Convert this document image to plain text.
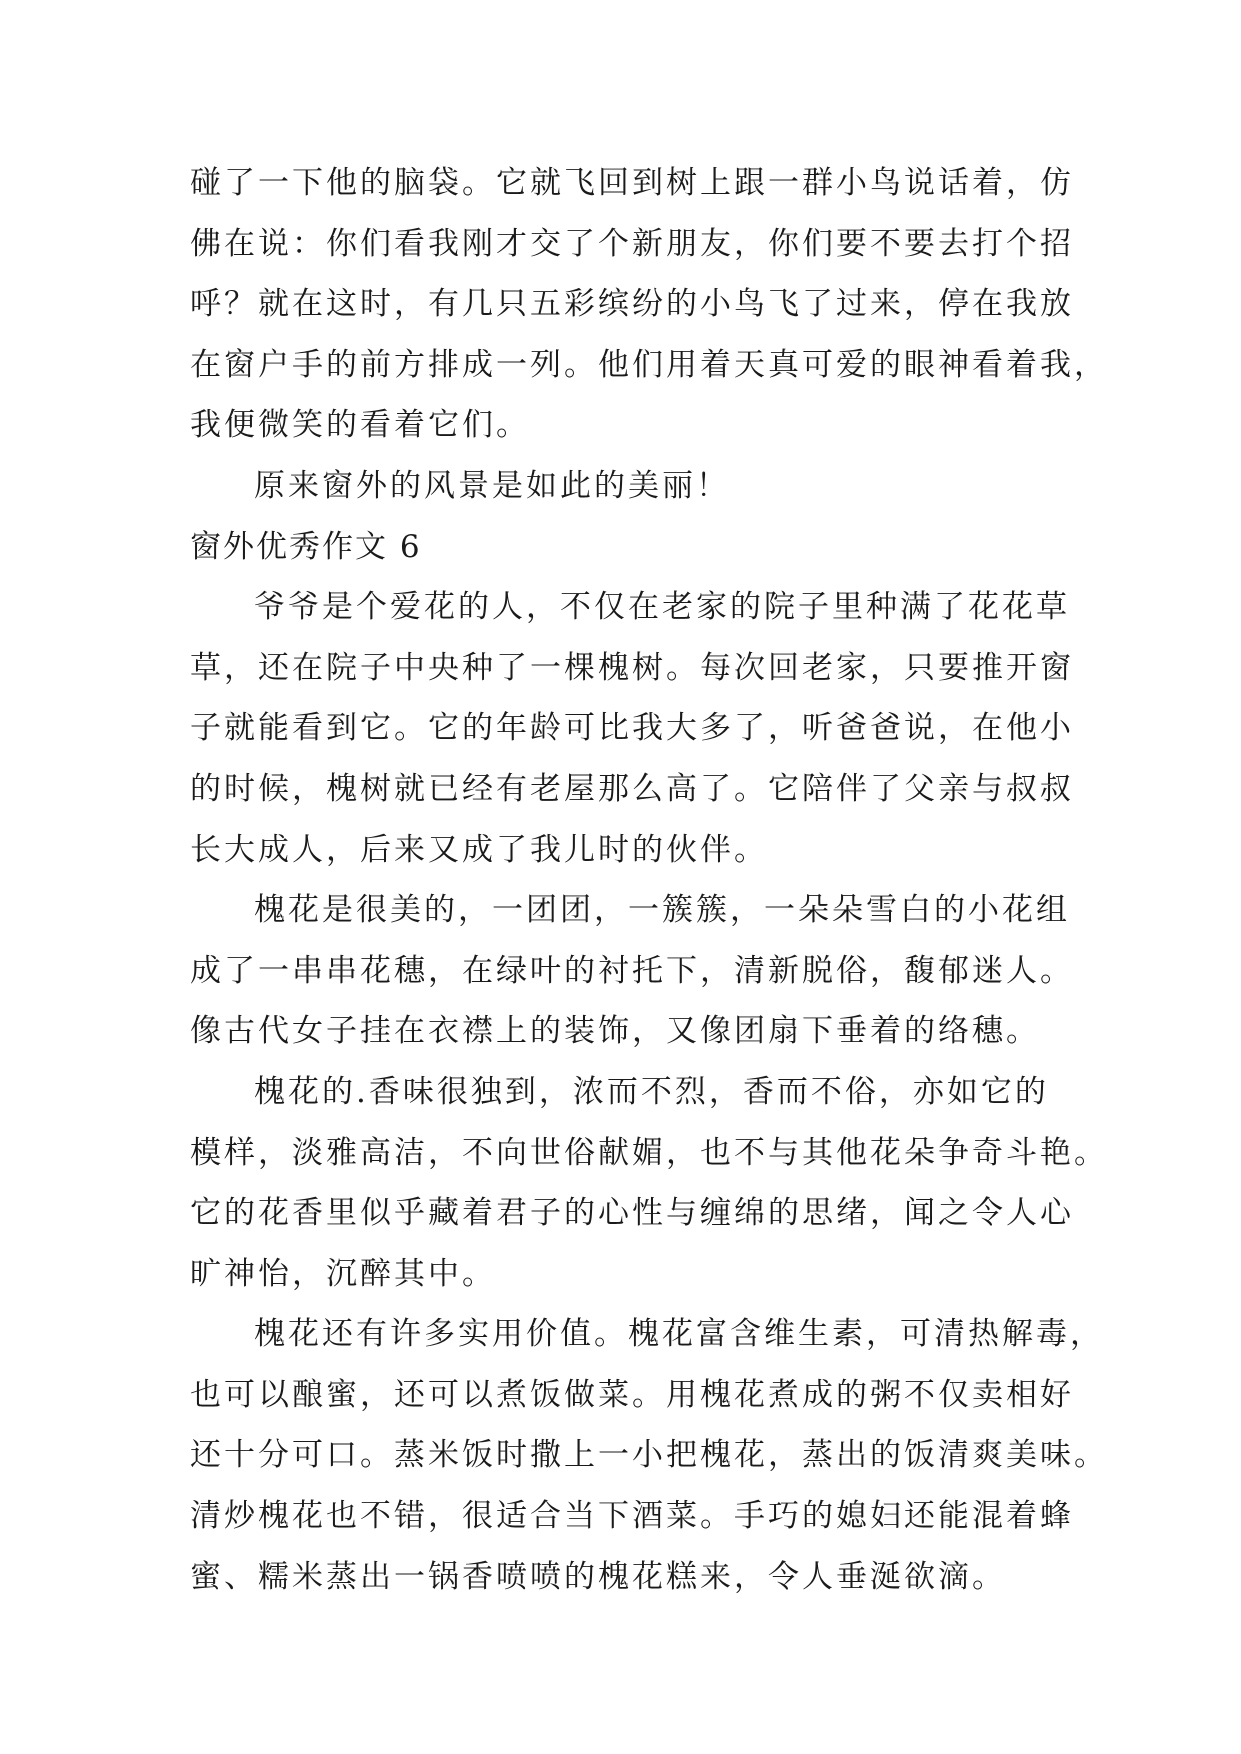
碰了一下他的脑袋。它就飞回到树上跟一群小鸟说话着，仿
佛在说：你们看我刚才交了个新朋友，你们要不要去打个招
呼？就在这时，有几只五彩缤纷的小鸟飞了过来，停在我放
在窗户手的前方排成一列。他们用着天真可爱的眼神看着我，
我便微笑的看着它们。
原来窗外的风景是如此的美丽！
窗外优秀作文 6
爷爷是个爱花的人，不仅在老家的院子里种满了花花草
草，还在院子中央种了一棵槐树。每次回老家，只要推开窗
子就能看到它。它的年龄可比我大多了，听爸爸说，在他小
的时候，槐树就已经有老屋那么高了。它陪伴了父亲与叔叔
长大成人，后来又成了我儿时的伙伴。
槐花是很美的，一团团，一簇簇，一朵朵雪白的小花组
成了一串串花穗，在绿叶的衬托下，清新脱俗，馥郁迷人。
像古代女子挂在衣襟上的装饰，又像团扇下垂着的络穗。
槐花的.香味很独到，浓而不烈，香而不俗，亦如它的
模样，淡雅高洁，不向世俗献媚，也不与其他花朵争奇斗艳。
它的花香里似乎藏着君子的心性与缠绵的思绪，闻之令人心
旷神怡，沉醉其中。
槐花还有许多实用价值。槐花富含维生素，可清热解毒，
也可以酿蜜，还可以煮饭做菜。用槐花煮成的粥不仅卖相好
还十分可口。蒸米饭时撒上一小把槐花，蒸出的饭清爽美味。
清炒槐花也不错，很适合当下酒菜。手巧的媳妇还能混着蜂
蜜、糯米蒸出一锅香喷喷的槐花糕来，令人垂涎欲滴。
